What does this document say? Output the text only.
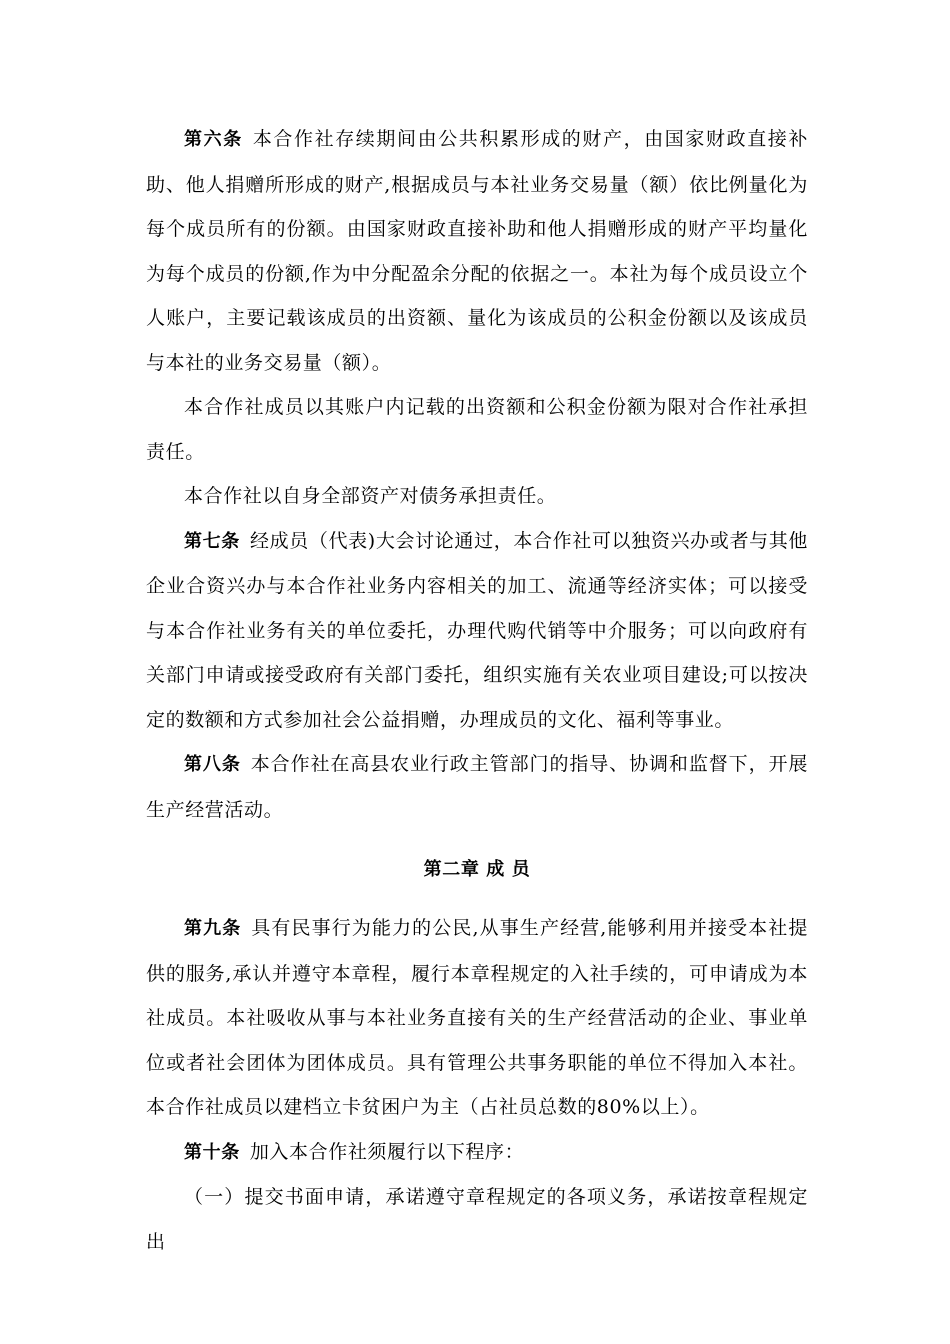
第六条 本合作社存续期间由公共积累形成的财产，由国家财政直接补助、他人捐赠所形成的财产,根据成员与本社业务交易量（额）依比例量化为每个成员所有的份额。由国家财政直接补助和他人捐赠形成的财产平均量化为每个成员的份额,作为中分配盈余分配的依据之一。本社为每个成员设立个人账户，主要记载该成员的出资额、量化为该成员的公积金份额以及该成员与本社的业务交易量（额）。

本合作社成员以其账户内记载的出资额和公积金份额为限对合作社承担责任。

本合作社以自身全部资产对债务承担责任。

第七条 经成员（代表)大会讨论通过，本合作社可以独资兴办或者与其他企业合资兴办与本合作社业务内容相关的加工、流通等经济实体；可以接受与本合作社业务有关的单位委托，办理代购代销等中介服务；可以向政府有关部门申请或接受政府有关部门委托，组织实施有关农业项目建设;可以按决定的数额和方式参加社会公益捐赠，办理成员的文化、福利等事业。

第八条 本合作社在高县农业行政主管部门的指导、协调和监督下，开展生产经营活动。

第二章 成 员

第九条 具有民事行为能力的公民,从事生产经营,能够利用并接受本社提供的服务,承认并遵守本章程，履行本章程规定的入社手续的，可申请成为本社成员。本社吸收从事与本社业务直接有关的生产经营活动的企业、事业单位或者社会团体为团体成员。具有管理公共事务职能的单位不得加入本社。本合作社成员以建档立卡贫困户为主（占社员总数的80%以上）。

第十条 加入本合作社须履行以下程序：

（一）提交书面申请，承诺遵守章程规定的各项义务，承诺按章程规定出
